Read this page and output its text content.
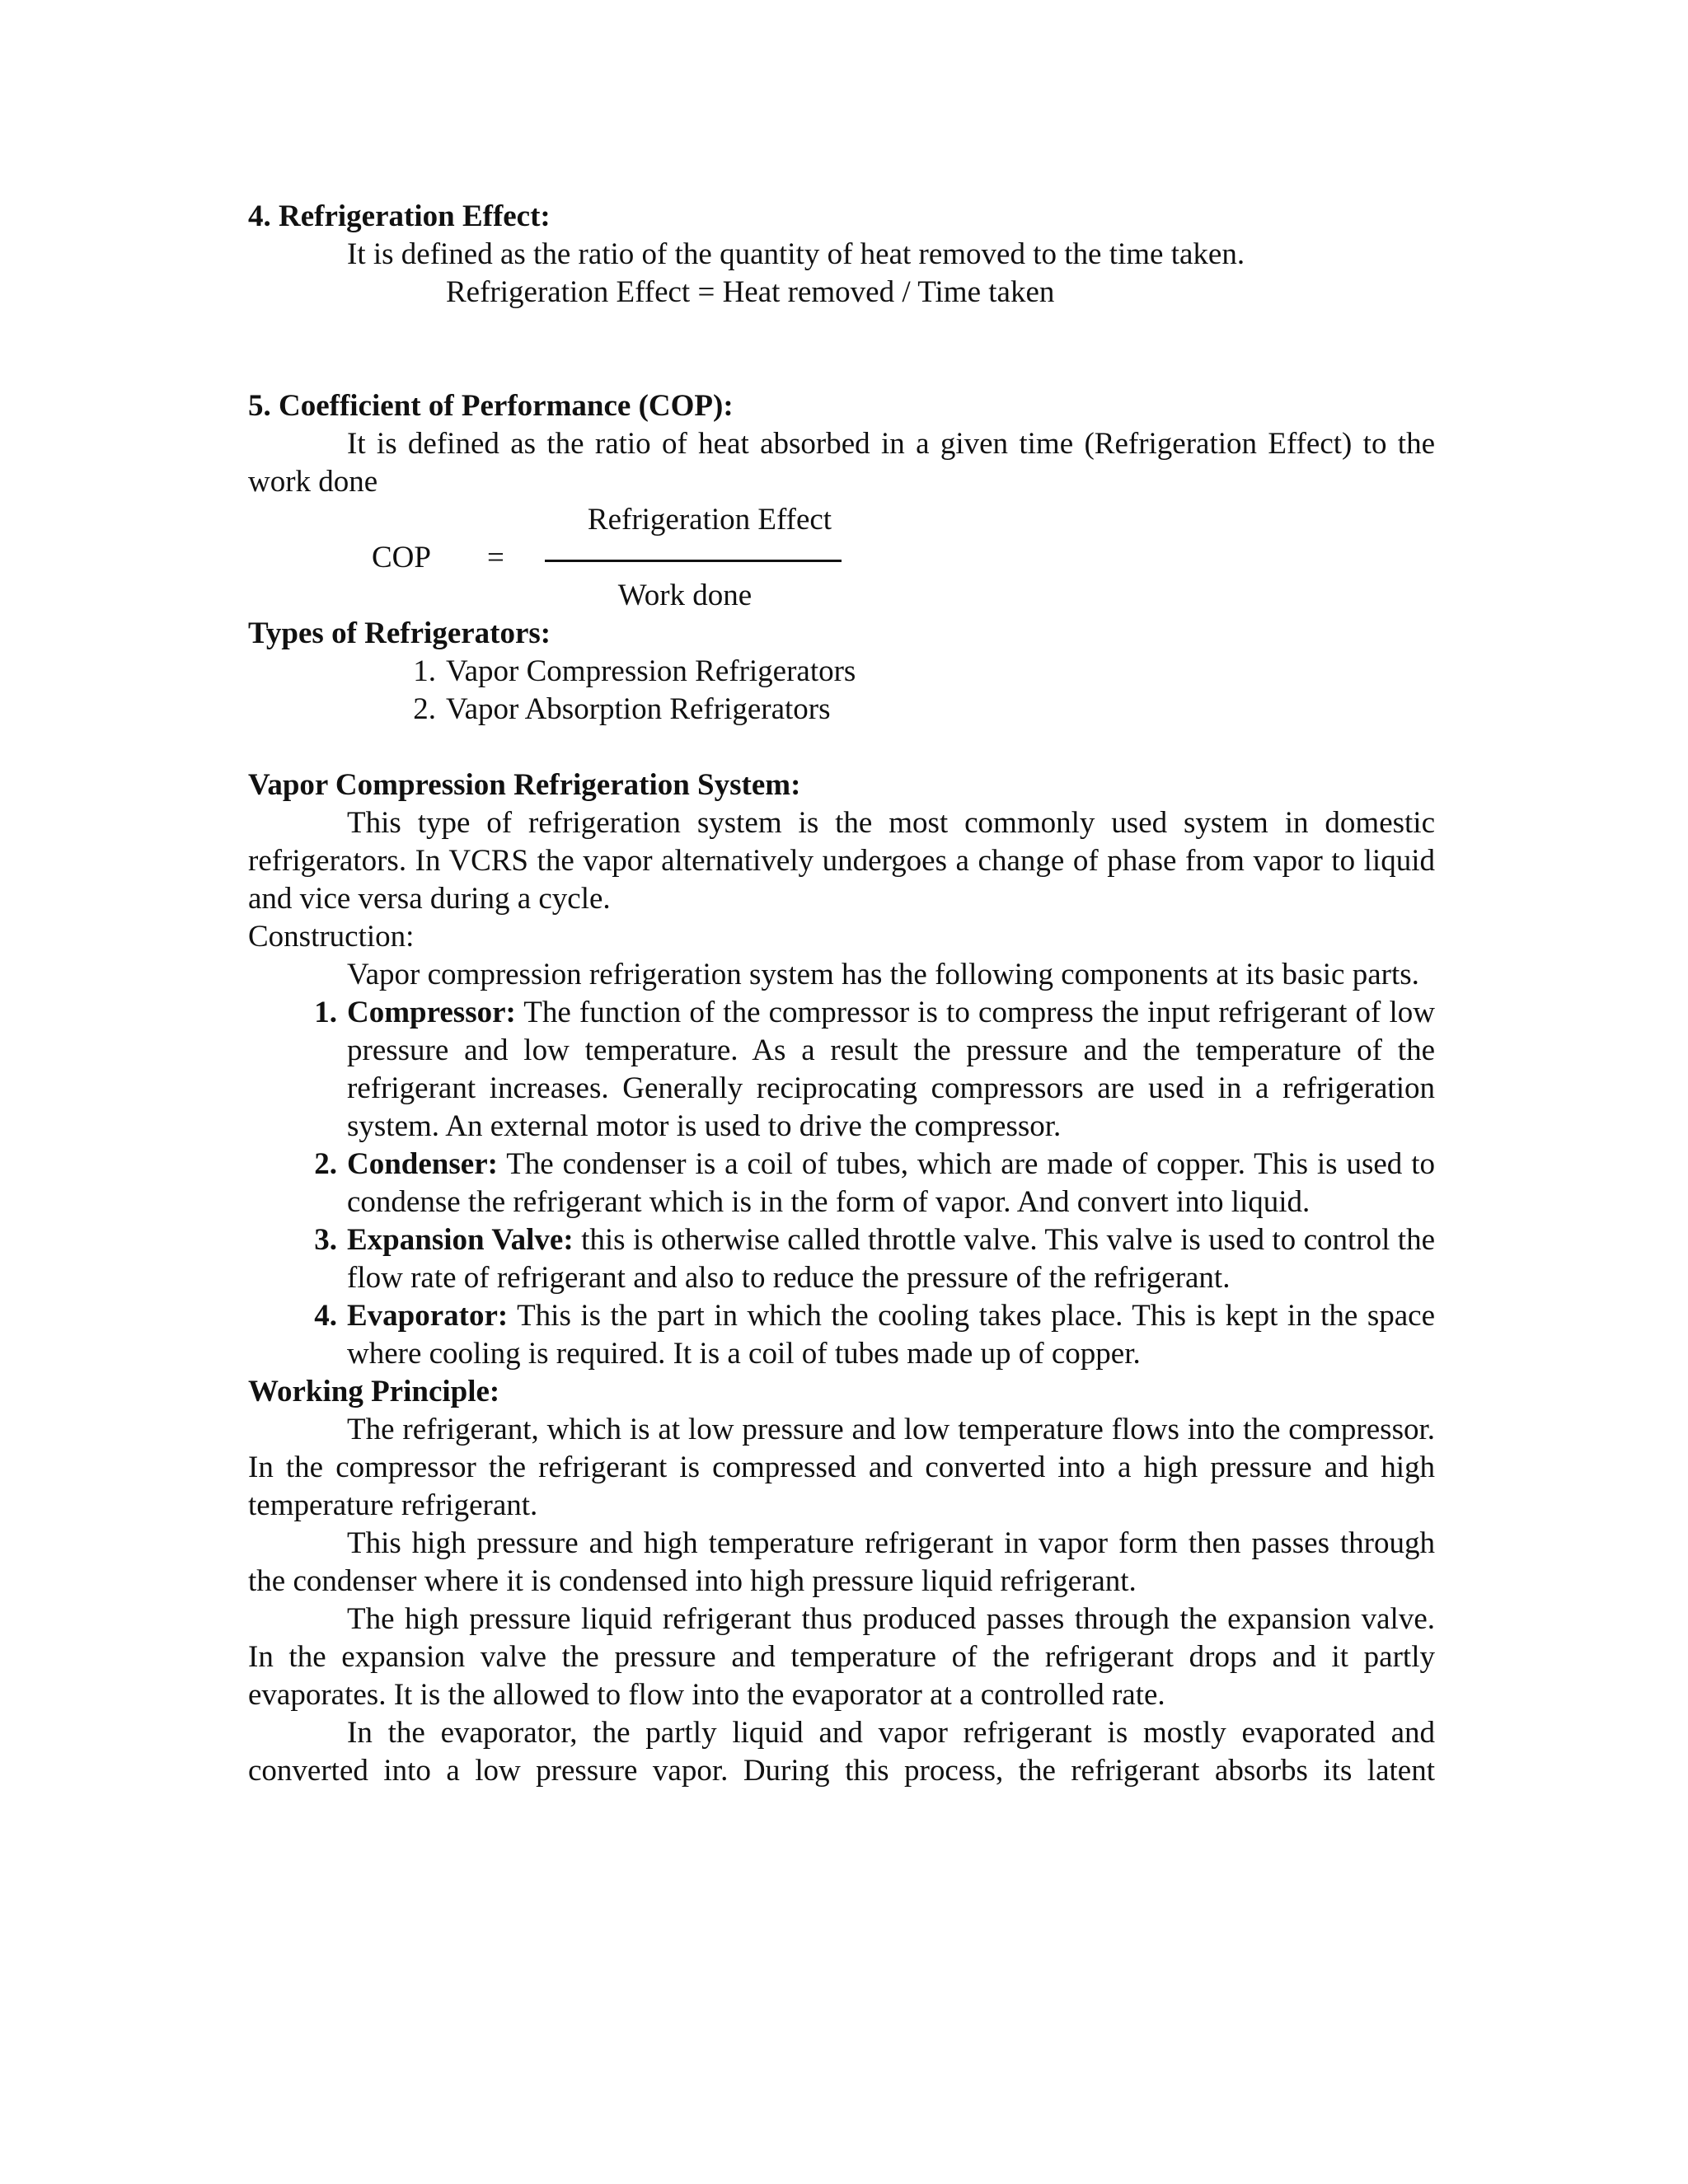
4. Refrigeration Effect:

It is defined as the ratio of the quantity of heat removed to the time taken.

Refrigeration Effect = Heat removed / Time taken

5. Coefficient of Performance (COP):

It is defined as the ratio of heat absorbed in a given time (Refrigeration Effect) to the work done

COP =
Refrigeration Effect
Work done

Types of Refrigerators:

1. Vapor Compression Refrigerators
2. Vapor Absorption Refrigerators

Vapor Compression Refrigeration System:

This type of refrigeration system is the most commonly used system in domestic refrigerators. In VCRS the vapor alternatively undergoes a change of phase from vapor to liquid and vice versa during a cycle.

Construction:

Vapor compression refrigeration system has the following components at its basic parts.

1. Compressor: The function of the compressor is to compress the input refrigerant of low pressure and low temperature. As a result the pressure and the temperature of the refrigerant increases. Generally reciprocating compressors are used in a refrigeration system. An external motor is used to drive the compressor.
2. Condenser: The condenser is a coil of tubes, which are made of copper. This is used to condense the refrigerant which is in the form of vapor. And convert into liquid.
3. Expansion Valve: this is otherwise called throttle valve. This valve is used to control the flow rate of refrigerant and also to reduce the pressure of the refrigerant.
4. Evaporator: This is the part in which the cooling takes place. This is kept in the space where cooling is required. It is a coil of tubes made up of copper.

Working Principle:

The refrigerant, which is at low pressure and low temperature flows into the compressor. In the compressor the refrigerant is compressed and converted into a high pressure and high temperature refrigerant.

This high pressure and high temperature refrigerant in vapor form then passes through the condenser where it is condensed into high pressure liquid refrigerant.

The high pressure liquid refrigerant thus produced passes through the expansion valve. In the expansion valve the pressure and temperature of the refrigerant drops and it partly evaporates. It is the allowed to flow into the evaporator at a controlled rate.

In the evaporator, the partly liquid and vapor refrigerant is mostly evaporated and converted into a low pressure vapor. During this process, the refrigerant absorbs its latent
